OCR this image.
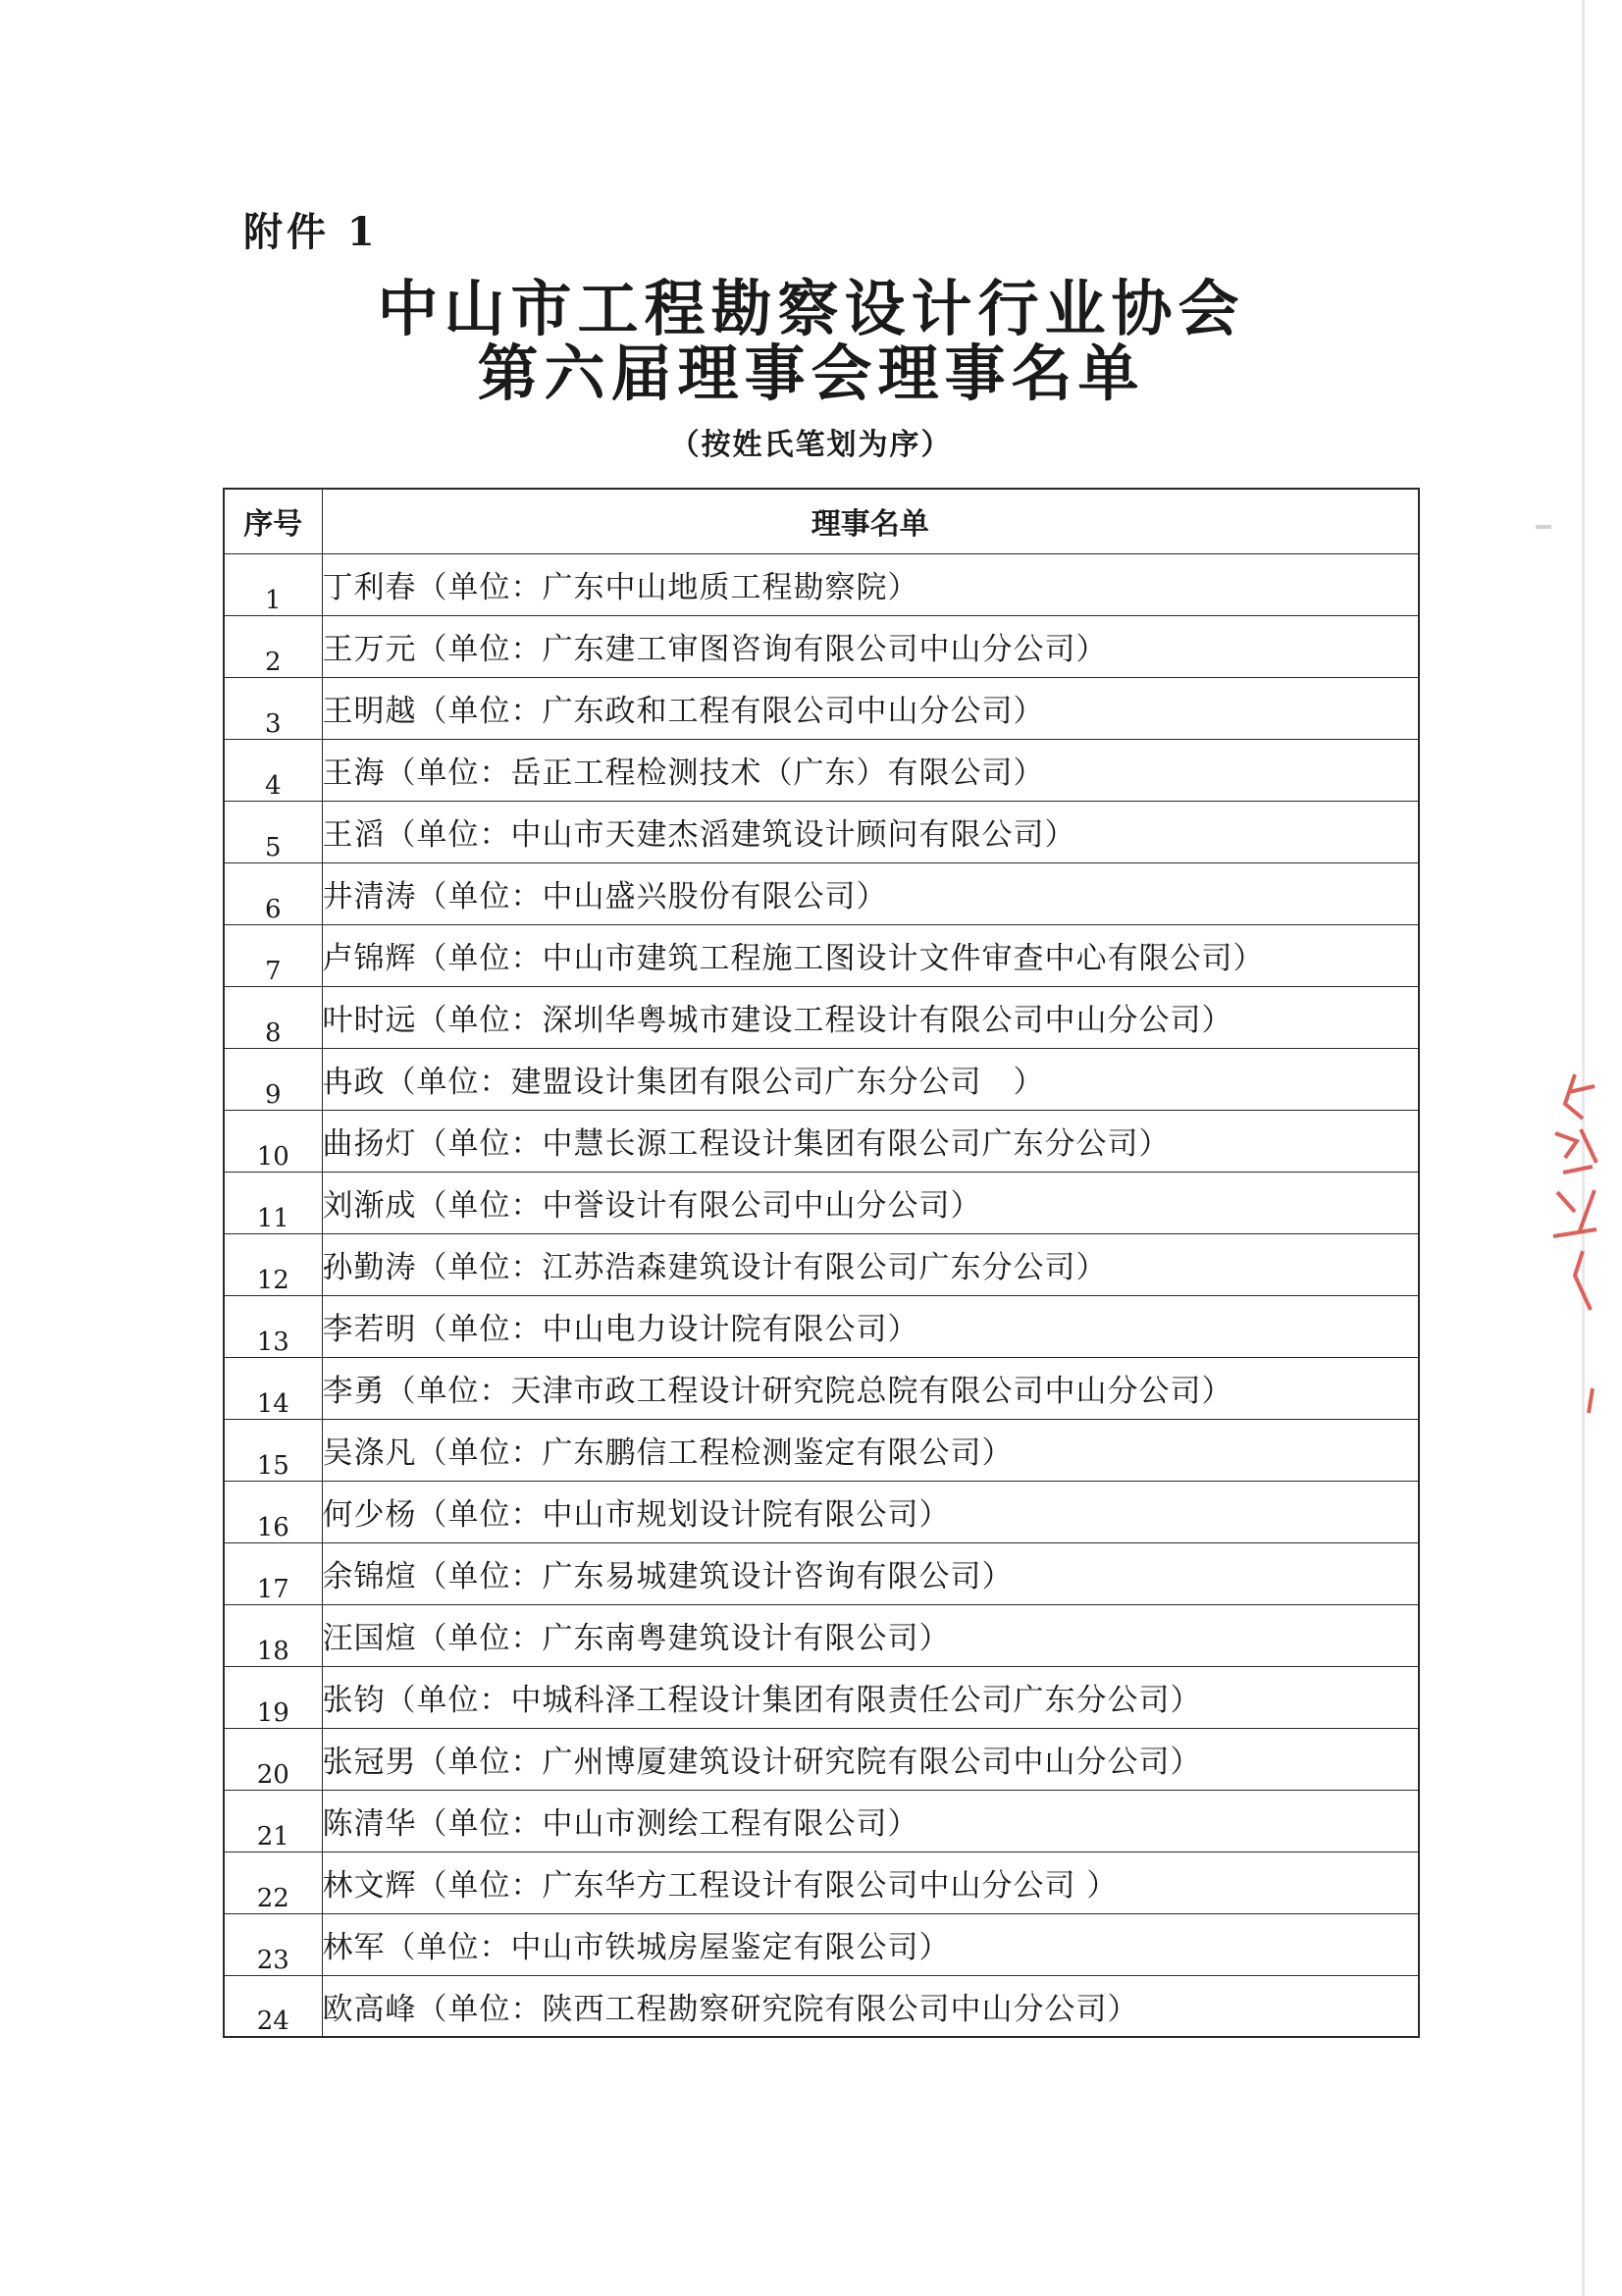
附件 1
中山市工程勘察设计行业协会
第六届理事会理事名单
（按姓氏笔划为序）
序号	理事名单
1	丁利春（单位：广东中山地质工程勘察院）
2	王万元（单位：广东建工审图咨询有限公司中山分公司）
3	王明越（单位：广东政和工程有限公司中山分公司）
4	王海（单位：岳正工程检测技术（广东）有限公司）
5	王滔（单位：中山市天建杰滔建筑设计顾问有限公司）
6	井清涛（单位：中山盛兴股份有限公司）
7	卢锦辉（单位：中山市建筑工程施工图设计文件审查中心有限公司）
8	叶时远（单位：深圳华粤城市建设工程设计有限公司中山分公司）
9	冉政（单位：建盟设计集团有限公司广东分公司　）
10	曲扬灯（单位：中慧长源工程设计集团有限公司广东分公司）
11	刘渐成（单位：中誉设计有限公司中山分公司）
12	孙勤涛（单位：江苏浩森建筑设计有限公司广东分公司）
13	李若明（单位：中山电力设计院有限公司）
14	李勇（单位：天津市政工程设计研究院总院有限公司中山分公司）
15	吴涤凡（单位：广东鹏信工程检测鉴定有限公司）
16	何少杨（单位：中山市规划设计院有限公司）
17	余锦煊（单位：广东易城建筑设计咨询有限公司）
18	汪国煊（单位：广东南粤建筑设计有限公司）
19	张钧（单位：中城科泽工程设计集团有限责任公司广东分公司）
20	张冠男（单位：广州博厦建筑设计研究院有限公司中山分公司）
21	陈清华（单位：中山市测绘工程有限公司）
22	林文辉（单位：广东华方工程设计有限公司中山分公司 ）
23	林军（单位：中山市铁城房屋鉴定有限公司）
24	欧高峰（单位：陕西工程勘察研究院有限公司中山分公司）
